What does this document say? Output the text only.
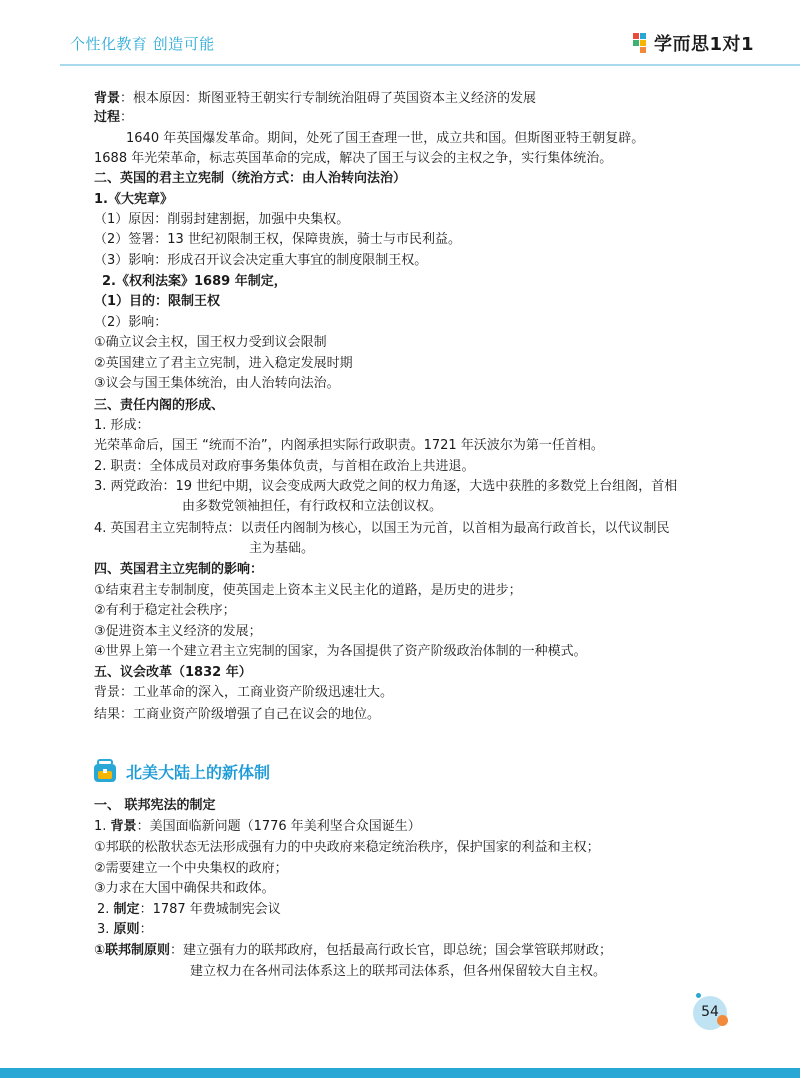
个性化教育 创造可能	学而思1对1
背景：根本原因：斯图亚特王朝实行专制统治阻碍了英国资本主义经济的发展
过程：
1640 年英国爆发革命。期间，处死了国王查理一世，成立共和国。但斯图亚特王朝复辟。
1688 年光荣革命，标志英国革命的完成，解决了国王与议会的主权之争，实行集体统治。
二、英国的君主立宪制（统治方式：由人治转向法治）
1.《大宪章》
（1）原因：削弱封建割据，加强中央集权。
（2）签署：13 世纪初限制王权，保障贵族，骑士与市民利益。
（3）影响：形成召开议会决定重大事宜的制度限制王权。
2.《权利法案》1689 年制定，
（1）目的：限制王权
（2）影响：
①确立议会主权，国王权力受到议会限制
②英国建立了君主立宪制，进入稳定发展时期
③议会与国王集体统治，由人治转向法治。
三、责任内阁的形成、
1. 形成：
光荣革命后，国王 “统而不治”，内阁承担实际行政职责。1721 年沃波尔为第一任首相。
2. 职责：全体成员对政府事务集体负责，与首相在政治上共进退。
3. 两党政治：19 世纪中期，议会变成两大政党之间的权力角逐，大选中获胜的多数党上台组阁，首相
由多数党领袖担任，有行政权和立法创议权。
4. 英国君主立宪制特点：以责任内阁制为核心，以国王为元首，以首相为最高行政首长，以代议制民
主为基础。
四、英国君主立宪制的影响：
①结束君主专制制度，使英国走上资本主义民主化的道路，是历史的进步；
②有利于稳定社会秩序；
③促进资本主义经济的发展；
④世界上第一个建立君主立宪制的国家，为各国提供了资产阶级政治体制的一种模式。
五、议会改革（1832 年）
背景：工业革命的深入，工商业资产阶级迅速壮大。
结果：工商业资产阶级增强了自己在议会的地位。
北美大陆上的新体制
一、 联邦宪法的制定
1. 背景：美国面临新问题（1776 年美利坚合众国诞生）
①邦联的松散状态无法形成强有力的中央政府来稳定统治秩序，保护国家的利益和主权；
②需要建立一个中央集权的政府；
③力求在大国中确保共和政体。
2. 制定：1787 年费城制宪会议
3. 原则：
①联邦制原则：建立强有力的联邦政府，包括最高行政长官，即总统；国会掌管联邦财政；
建立权力在各州司法体系这上的联邦司法体系，但各州保留较大自主权。
54
